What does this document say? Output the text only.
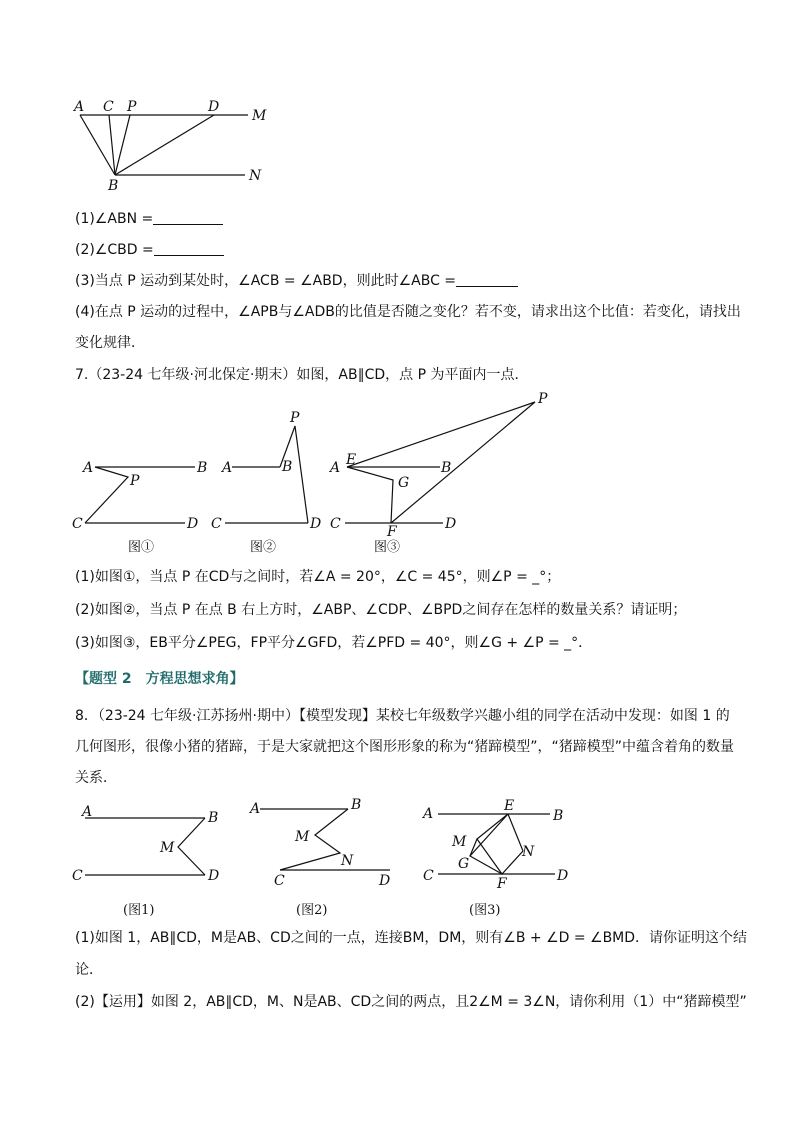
A C P	D
M
B
N
(1)∠ABN =
(2)∠CBD =
(3)当点 P 运动到某处时，∠ACB = ∠ABD，则此时∠ABC =
(4)在点 P 运动的过程中，∠APB与∠ADB的比值是否随之变化？若不变，请求出这个比值：若变化，请找出
变化规律．
7.（23-24 七年级·河北保定·期末）如图，AB∥CD，点 P 为平面内一点．
A	B
P
C	D
P
A	B
C	D
P
E	B
A
G
C	F	D
图①	图②	图③
(1)如图①，当点 P 在CD与之间时，若∠A = 20°，∠C = 45°，则∠P = _°；
(2)如图②，当点 P 在点 B 右上方时，∠ABP、∠CDP、∠BPD之间存在怎样的数量关系？请证明；
(3)如图③，EB平分∠PEG，FP平分∠GFD，若∠PFD = 40°，则∠G + ∠P = _°．
【题型 2　方程思想求角】
8．（23-24 七年级·江苏扬州·期中）【模型发现】某校七年级数学兴趣小组的同学在活动中发现：如图 1 的
几何图形，很像小猪的猪蹄，于是大家就把这个图形形象的称为“猪蹄模型”，“猪蹄模型”中蕴含着角的数量
关系．
A	B
M
C	D
A	B
M
N
C	D
A	E
B
M
N
G
C	F	D
(图1)	(图2)	(图3)
(1)如图 1，AB∥CD，M是AB、CD之间的一点，连接BM，DM，则有∠B + ∠D = ∠BMD．请你证明这个结
论．
(2)【运用】如图 2，AB∥CD，M、N是AB、CD之间的两点，且2∠M = 3∠N，请你利用（1）中“猪蹄模型”
